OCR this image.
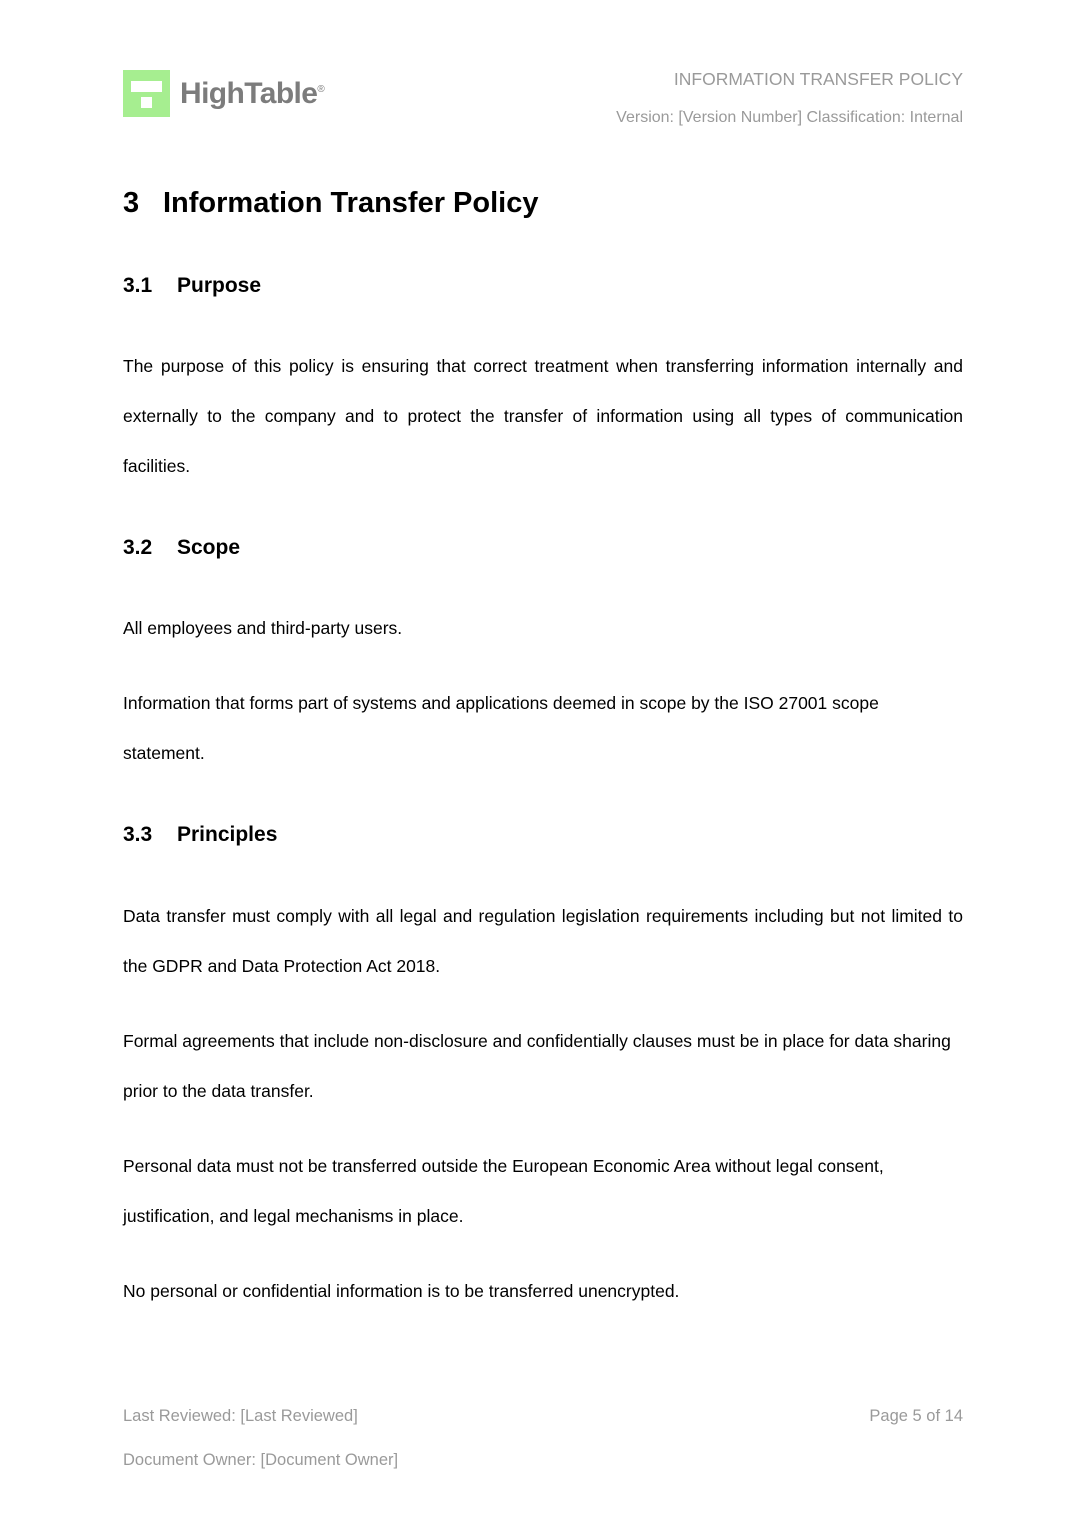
HighTable®	INFORMATION TRANSFER POLICY
Version: [Version Number] Classification: Internal
3 Information Transfer Policy
3.1	Purpose

The purpose of this policy is ensuring that correct treatment when transferring information internally and externally to the company and to protect the transfer of information using all types of communication facilities.

3.2	Scope

All employees and third-party users.

Information that forms part of systems and applications deemed in scope by the ISO 27001 scope statement.

3.3	Principles

Data transfer must comply with all legal and regulation legislation requirements including but not limited to the GDPR and Data Protection Act 2018.

Formal agreements that include non-disclosure and confidentially clauses must be in place for data sharing prior to the data transfer.

Personal data must not be transferred outside the European Economic Area without legal consent, justification, and legal mechanisms in place.

No personal or confidential information is to be transferred unencrypted.

Last Reviewed: [Last Reviewed]	Page 5 of 14
Document Owner: [Document Owner]
